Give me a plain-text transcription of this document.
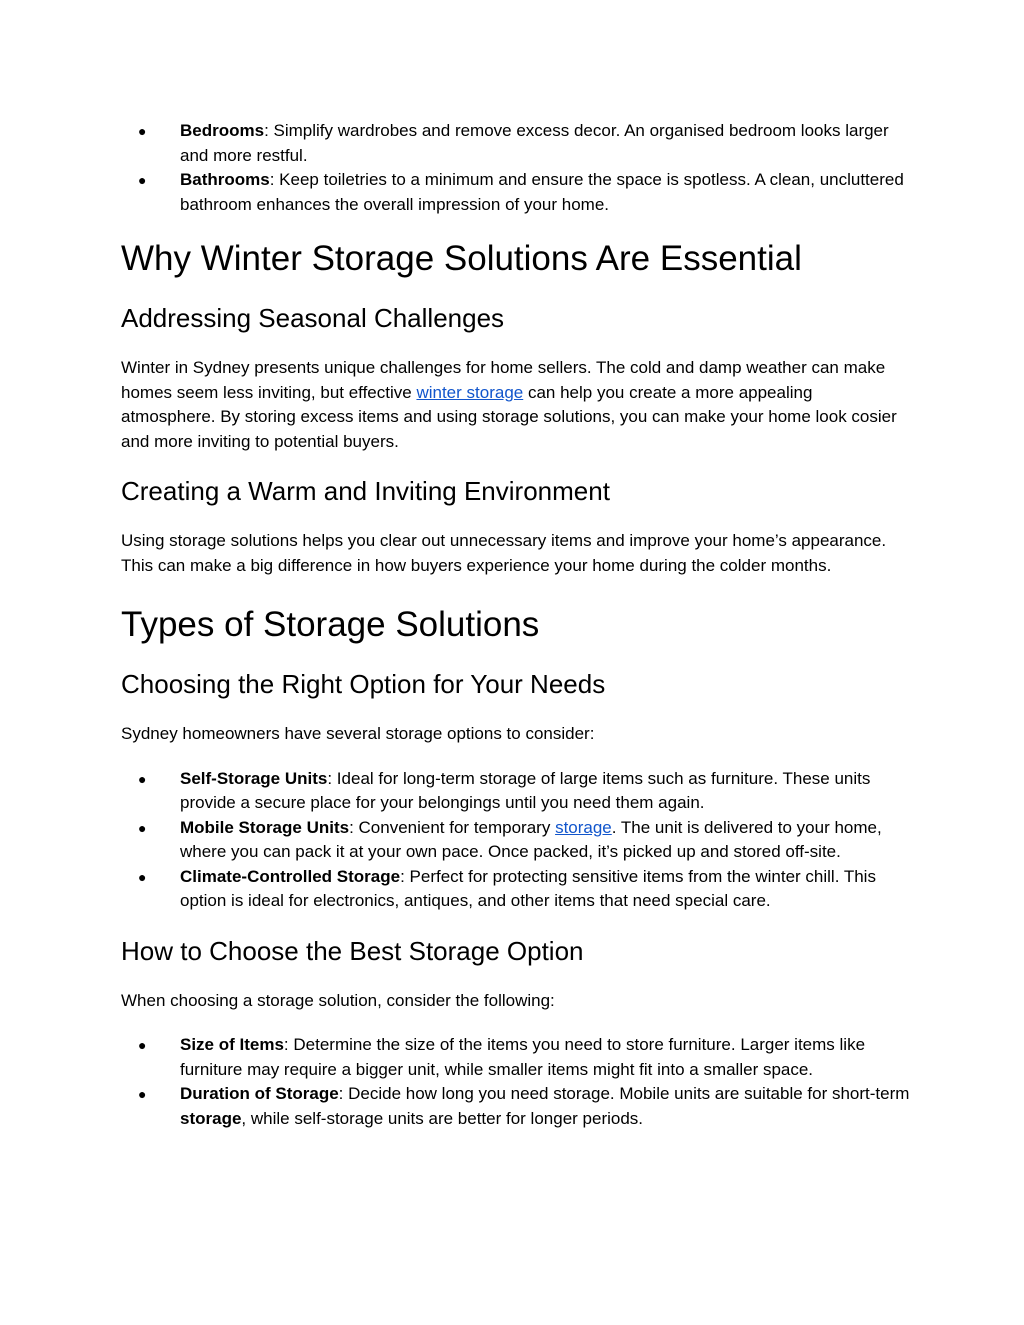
● Bedrooms: Simplify wardrobes and remove excess decor. An organised bedroom looks larger and more restful.
● Bathrooms: Keep toiletries to a minimum and ensure the space is spotless. A clean, uncluttered bathroom enhances the overall impression of your home.
Why Winter Storage Solutions Are Essential
Addressing Seasonal Challenges

Winter in Sydney presents unique challenges for home sellers. The cold and damp weather can make homes seem less inviting, but effective winter storage can help you create a more appealing atmosphere. By storing excess items and using storage solutions, you can make your home look cosier and more inviting to potential buyers.

Creating a Warm and Inviting Environment

Using storage solutions helps you clear out unnecessary items and improve your home’s appearance. This can make a big difference in how buyers experience your home during the colder months.

Types of Storage Solutions
Choosing the Right Option for Your Needs

Sydney homeowners have several storage options to consider:

● Self-Storage Units: Ideal for long-term storage of large items such as furniture. These units provide a secure place for your belongings until you need them again.
● Mobile Storage Units: Convenient for temporary storage. The unit is delivered to your home, where you can pack it at your own pace. Once packed, it’s picked up and stored off-site.
● Climate-Controlled Storage: Perfect for protecting sensitive items from the winter chill. This option is ideal for electronics, antiques, and other items that need special care.
How to Choose the Best Storage Option

When choosing a storage solution, consider the following:

● Size of Items: Determine the size of the items you need to store furniture. Larger items like furniture may require a bigger unit, while smaller items might fit into a smaller space.
● Duration of Storage: Decide how long you need storage. Mobile units are suitable for short-term storage, while self-storage units are better for longer periods.
